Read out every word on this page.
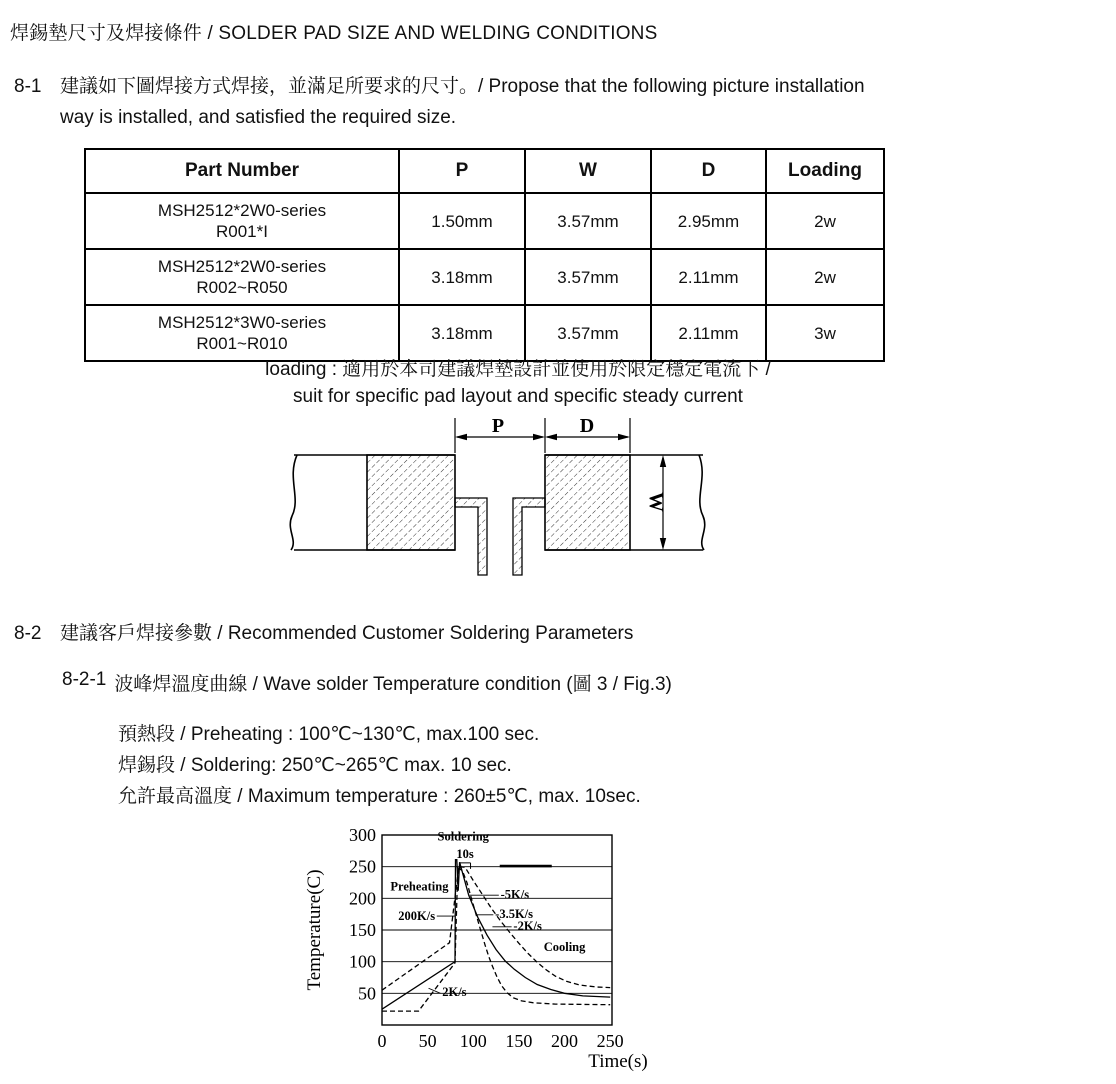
焊錫墊尺寸及焊接條件 / SOLDER PAD SIZE AND WELDING CONDITIONS
8-1 建議如下圖焊接方式焊接，並滿足所要求的尺寸。/ Propose that the following picture installation
way is installed, and satisfied the required size.
Part Number	P	W	D	Loading

MSH2512*2W0-series
R001*I	1.50mm	3.57mm	2.95mm	2w

MSH2512*2W0-series
R002~R050	3.18mm	3.57mm	2.11mm	2w

MSH2512*3W0-series
R001~R010	3.18mm	3.57mm	2.11mm	3w
loading : 適用於本司建議焊墊設計並使用於限定穩定電流下 /
suit for specific pad layout and specific steady current
P	D
W
8-2 建議客戶焊接參數 / Recommended Customer Soldering Parameters
8-2-1 波峰焊溫度曲線 / Wave solder Temperature condition (圖 3 / Fig.3)
預熱段 / Preheating : 100℃~130℃, max.100 sec.
焊錫段 / Soldering: 250℃~265℃ max. 10 sec.
允許最高溫度 / Maximum temperature : 260±5℃, max. 10sec.
50
100
150
200
250
300
0 50 100 150 200 250
Time(s)
Temperature(C)
Soldering
10s
Preheating
200K/s
-5K/s
-3.5K/s
-2K/s
Cooling
2K/s
